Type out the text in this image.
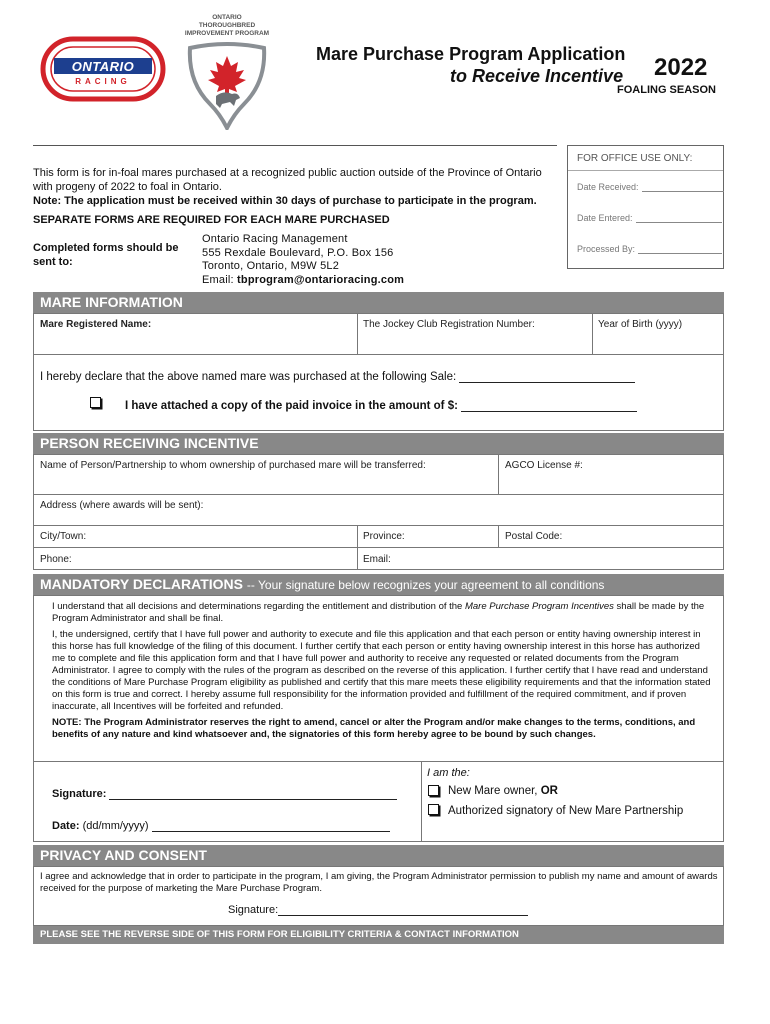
ONTARIO
RACING
ONTARIO
THOROUGHBRED
IMPROVEMENT PROGRAM
Mare Purchase Program Application
to Receive Incentive 2022
FOALING SEASON
This form is for in-foal mares purchased at a recognized public auction outside of the Province of Ontario
with progeny of 2022 to foal in Ontario.
Note: The application must be received within 30 days of purchase to participate in the program.
SEPARATE FORMS ARE REQUIRED FOR EACH MARE PURCHASED
Completed forms should be sent to:
Ontario Racing Management
555 Rexdale Boulevard, P.O. Box 156
Toronto, Ontario, M9W 5L2
Email: tbprogram@ontarioracing.com
FOR OFFICE USE ONLY:
Date Received:
Date Entered:
Processed By:
MARE INFORMATION
Mare Registered Name:	The Jockey Club Registration Number:	Year of Birth (yyyy)
I hereby declare that the above named mare was purchased at the following Sale:
I have attached a copy of the paid invoice in the amount of $:
PERSON RECEIVING INCENTIVE
Name of Person/Partnership to whom ownership of purchased mare will be transferred:	AGCO License #:
Address (where awards will be sent):
City/Town:	Province:	Postal Code:
Phone:	Email:
MANDATORY DECLARATIONS -- Your signature below recognizes your agreement to all conditions

I understand that all decisions and determinations regarding the entitlement and distribution of the Mare Purchase Program Incentives shall be made by the Program Administrator and shall be final.

I, the undersigned, certify that I have full power and authority to execute and file this application and that each person or entity having ownership interest in this horse has full knowledge of the filing of this document. I further certify that each person or entity having ownership interest in this horse has authorized me to complete and file this application form and that I have full power and authority to receive any requested or related documents from the Program Administrator. I agree to comply with the rules of the program as described on the reverse of this application. I further certify that I have read and understand the conditions of Mare Purchase Program eligibility as published and certify that this mare meets these eligibility requirements and that the information stated on this form is true and correct. I hereby assume full responsibility for the information provided and fulfillment of the required commitment, and if proven inaccurate, all Incentives will be forfeited and refunded.

NOTE: The Program Administrator reserves the right to amend, cancel or alter the Program and/or make changes to the terms, conditions, and benefits of any nature and kind whatsoever and, the signatories of this form hereby agree to be bound by such changes.

Signature:
Date: (dd/mm/yyyy)
I am the:
New Mare owner, OR
Authorized signatory of New Mare Partnership
PRIVACY AND CONSENT
I agree and acknowledge that in order to participate in the program, I am giving, the Program Administrator permission to publish my name and amount of awards received for the purpose of marketing the Mare Purchase Program.
Signature:
PLEASE SEE THE REVERSE SIDE OF THIS FORM FOR ELIGIBILITY CRITERIA & CONTACT INFORMATION
